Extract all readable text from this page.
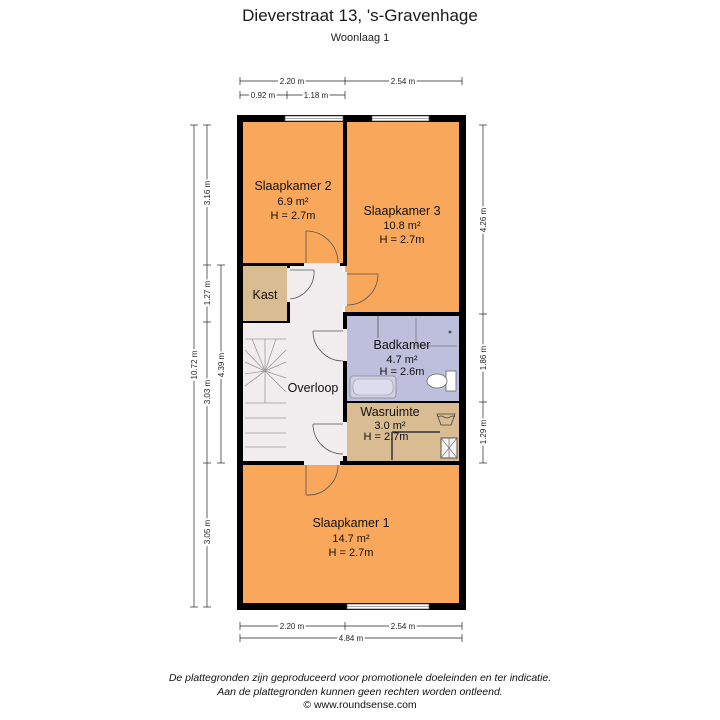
Dieverstraat 13, 's-Gravenhage
Woonlaag 1
Slaapkamer 2
6.9 m²
H = 2.7m	Slaapkamer 3
10.8 m²
H = 2.7m
Kast
Overloop
Badkamer
4.7 m²
H = 2.6m
Wasruimte
3.0 m²
H = 2.7m
Slaapkamer 1
14.7 m²
H = 2.7m
2.20 m	2.54 m
0.92 m	1.18 m
2.20 m	2.54 m
4.84 m
10.72 m
3.16 m
1.27 m
4.39 m
3.03 m
3.05 m
4.26 m
1.86 m
1.29 m
De plattegronden zijn geproduceerd voor promotionele doeleinden en ter indicatie.
Aan de plattegronden kunnen geen rechten worden ontleend.
© www.roundsense.com
